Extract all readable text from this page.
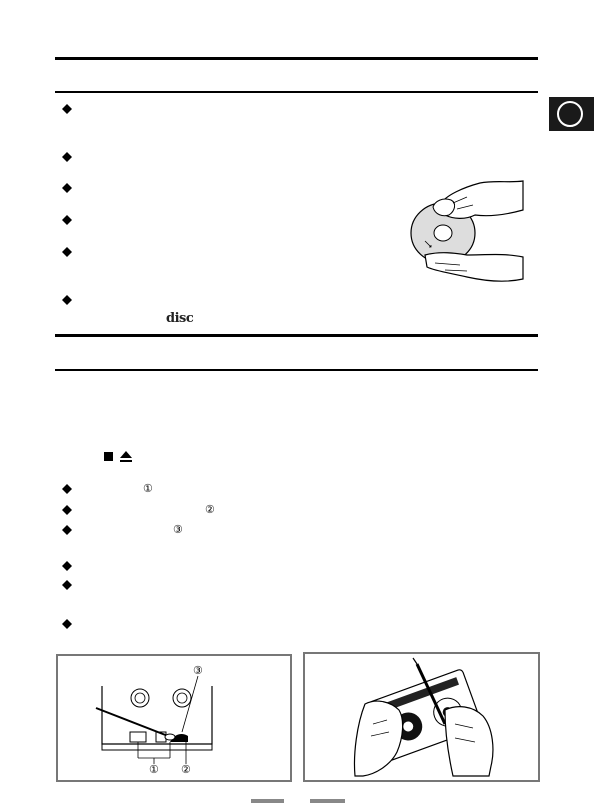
disc
①
②
③
③
① ②
